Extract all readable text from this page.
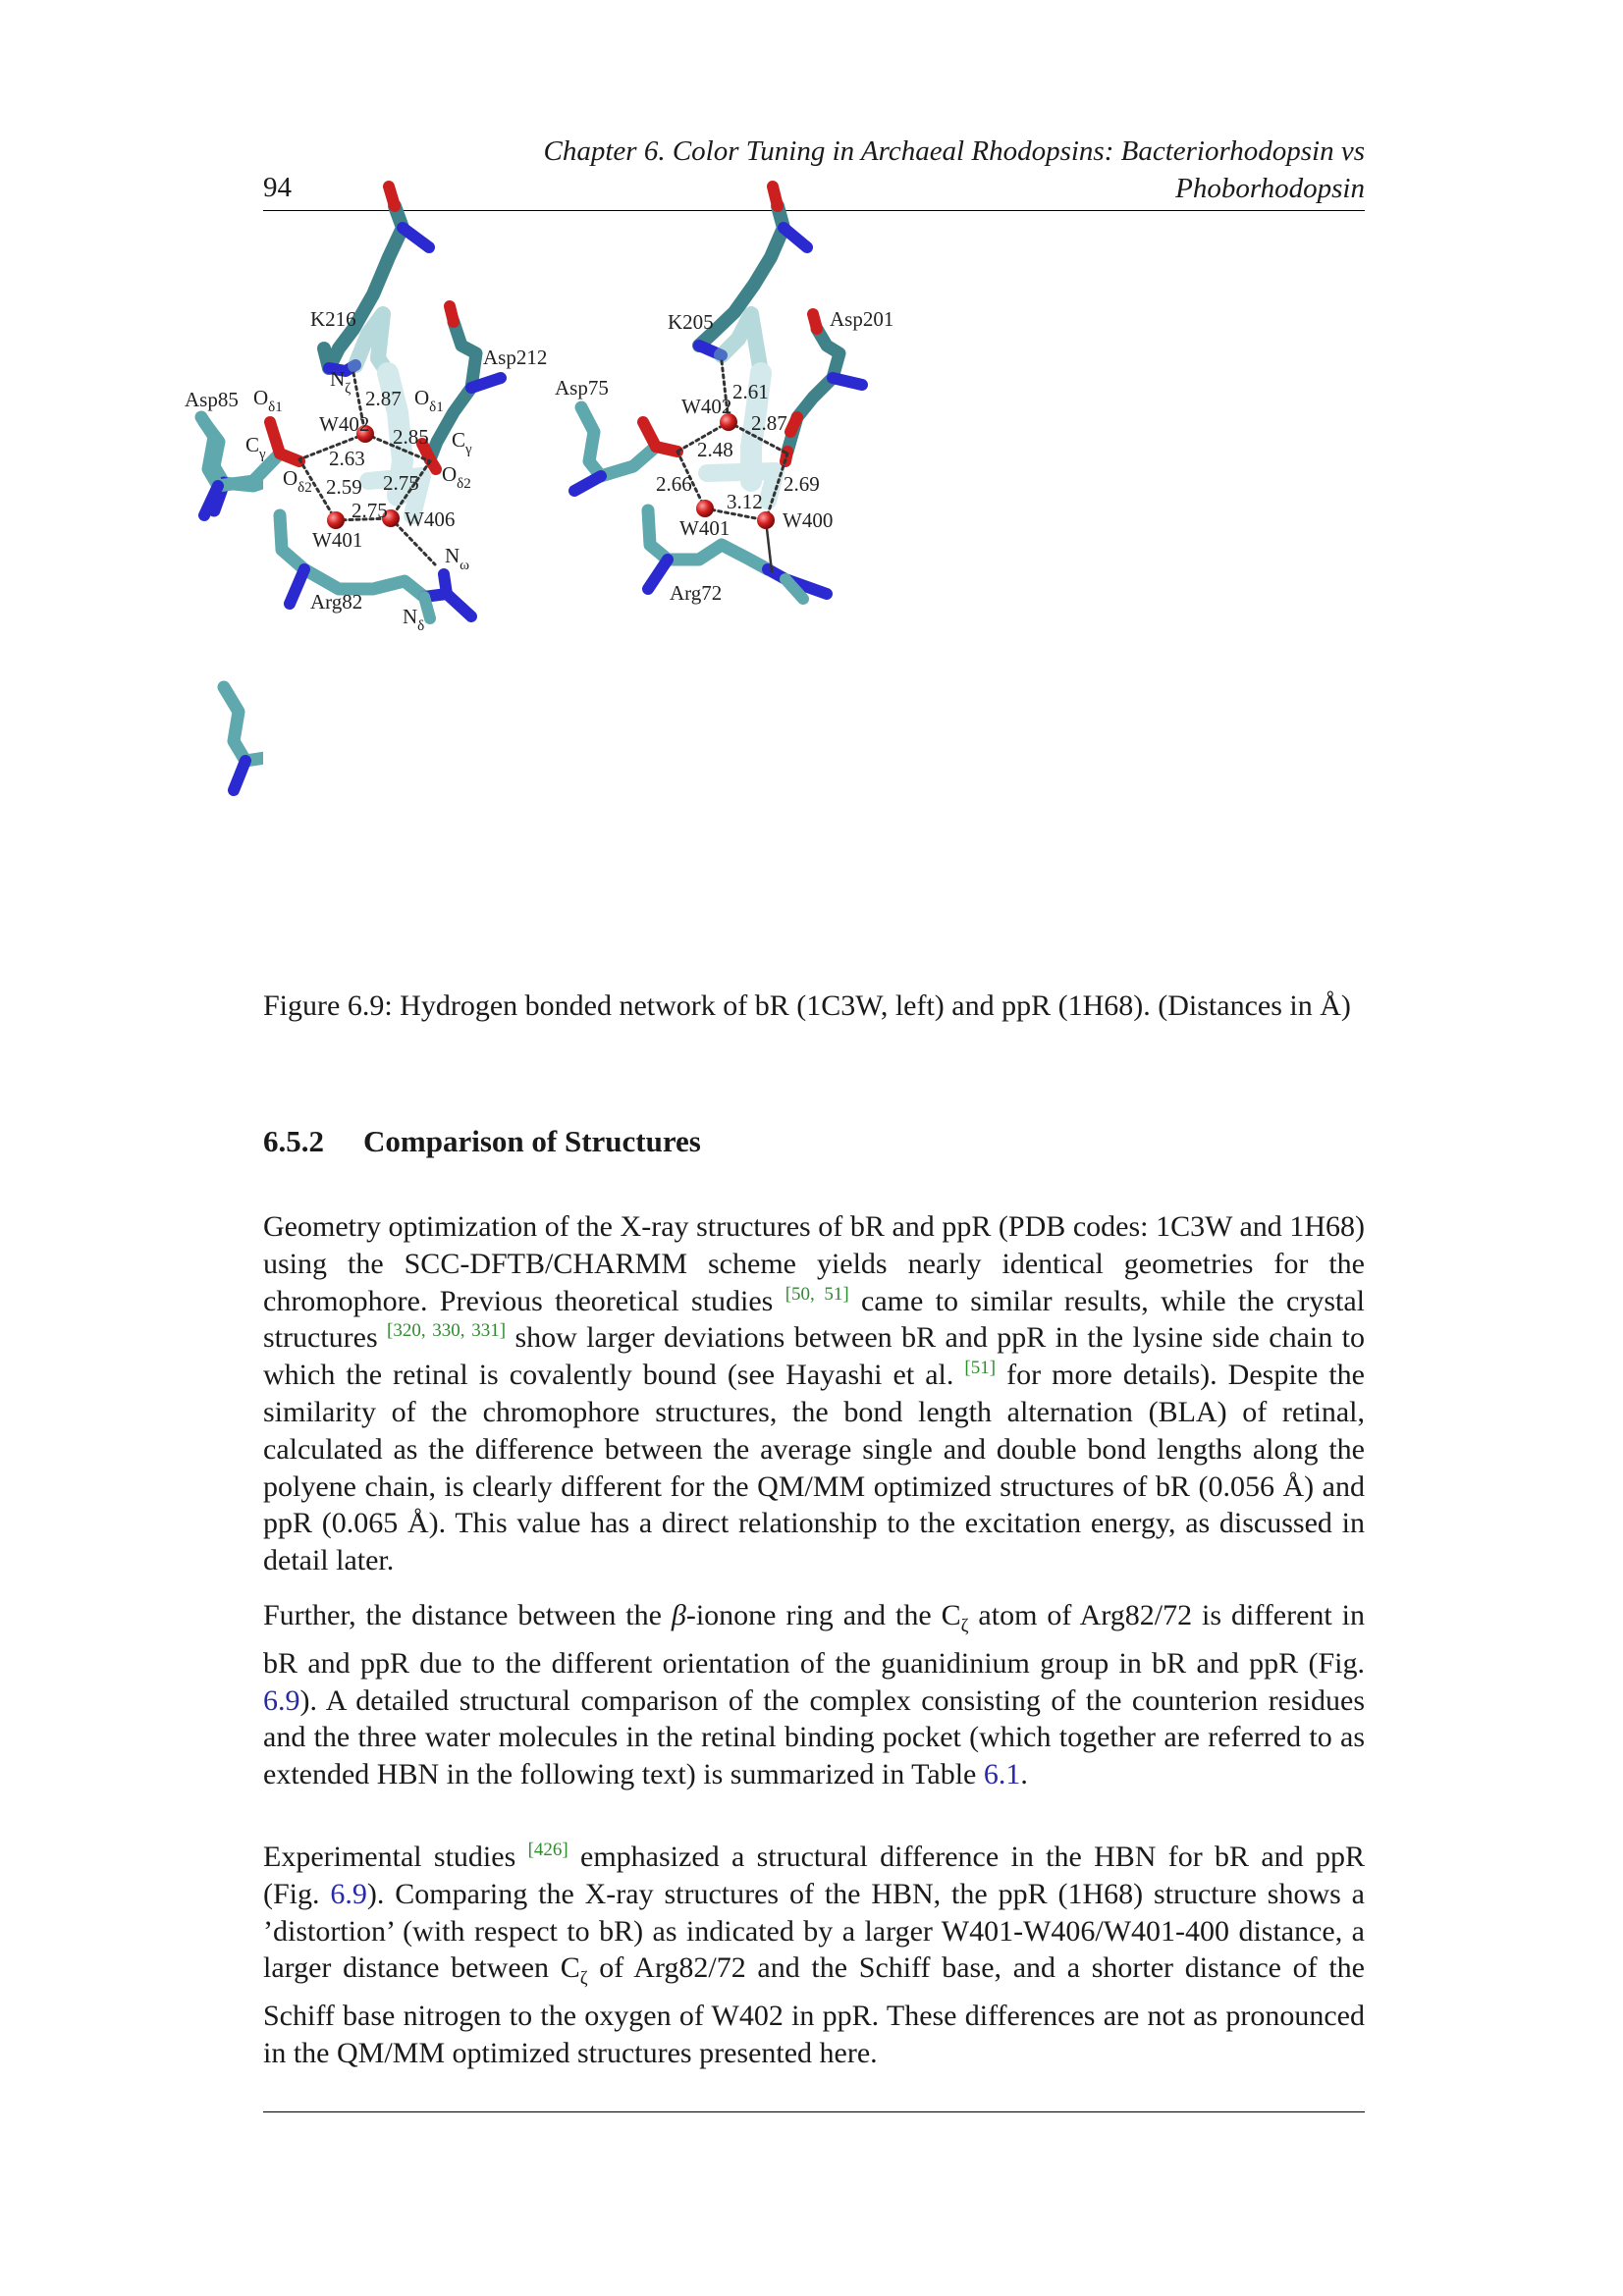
94
Chapter 6. Color Tuning in Archaeal Rhodopsins: Bacteriorhodopsin vs
Phoborhodopsin
K216
Asp212
Asp85
Arg82
W402
W401
W406
$N_\zeta$
$O_{\delta 1}$
$C_\gamma$
$O_{\delta 2}$
$O_{\delta 1}$
$C_\gamma$
$O_{\delta 2}$
$N_\omega$
$N_\delta$
2.87
2.85
2.63
2.59 2.75
2.75
K205	Asp201
Asp75
Arg72
W402
W401	W400
2.61
2.87
2.48
2.66
3.12
2.69
Figure 6.9: Hydrogen bonded network of bR (1C3W, left) and ppR (1H68). (Distances in Å)
6.5.2 Comparison of Structures

Geometry optimization of the X-ray structures of bR and ppR (PDB codes: 1C3W and 1H68) using the SCC-DFTB/CHARMM scheme yields nearly identical geometries for the chromophore. Previous theoretical studies [50, 51] came to similar results, while the crystal structures [320, 330, 331] show larger deviations between bR and ppR in the lysine side chain to which the retinal is covalently bound (see Hayashi et al. [51] for more details). Despite the similarity of the chromophore structures, the bond length alternation (BLA) of retinal, calculated as the difference between the average single and double bond lengths along the polyene chain, is clearly different for the QM/MM optimized structures of bR (0.056 Å) and ppR (0.065 Å). This value has a direct relationship to the excitation energy, as discussed in detail later.

Further, the distance between the β-ionone ring and the $C_\zeta$ atom of Arg82/72 is different in bR and ppR due to the different orientation of the guanidinium group in bR and ppR (Fig. 6.9). A detailed structural comparison of the complex consisting of the counterion residues and the three water molecules in the retinal binding pocket (which together are referred to as extended HBN in the following text) is summarized in Table 6.1.

Experimental studies [426] emphasized a structural difference in the HBN for bR and ppR (Fig. 6.9). Comparing the X-ray structures of the HBN, the ppR (1H68) structure shows a ’distortion’ (with respect to bR) as indicated by a larger W401-W406/W401-400 distance, a larger distance between $C_\zeta$ of Arg82/72 and the Schiff base, and a shorter distance of the Schiff base nitrogen to the oxygen of W402 in ppR. These differences are not as pronounced in the QM/MM optimized structures presented here.
